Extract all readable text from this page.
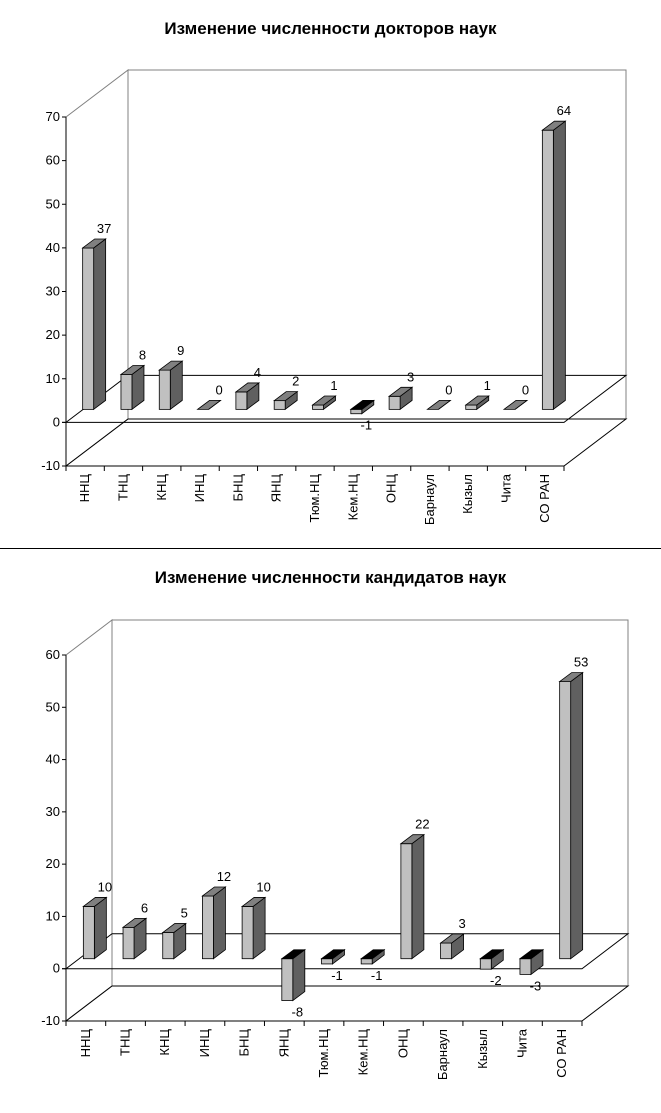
Изменение численности докторов наук
-10
0
10
20
30
40
50
60
70
37
8 9
0
4
2 1
-1
3
0 1 0
64
ННЦ ТНЦ КНЦ ИНЦ БНЦ ЯНЦ Тюм.НЦ Кем.НЦ ОНЦ Барнаул Кызыл Чита СО РАН
Изменение численности кандидатов наук
-10
0
10
20
30
40
50
60
10
6 5
12
10
-8
-1 -1
22
3
-2 -3
53
ННЦ ТНЦ КНЦ ИНЦ БНЦ ЯНЦ Тюм.НЦ Кем.НЦ ОНЦ Барнаул Кызыл Чита СО РАН
